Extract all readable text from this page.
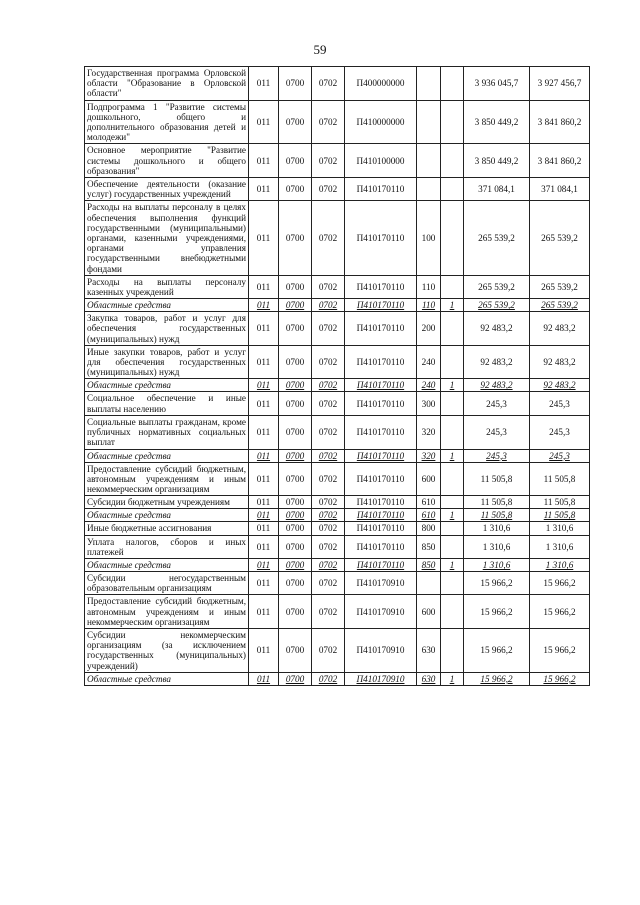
59
Государственная программа Орловской области "Образование в Орловской области"	011	0700	0702	П400000000			3 936 045,7	3 927 456,7
Подпрограмма 1 "Развитие системы дошкольного, общего и дополнительного образования детей и молодежи"	011	0700	0702	П410000000			3 850 449,2	3 841 860,2
Основное мероприятие "Развитие системы дошкольного и общего образования"	011	0700	0702	П410100000			3 850 449,2	3 841 860,2
Обеспечение деятельности (оказание услуг) государственных учреждений	011	0700	0702	П410170110			371 084,1	371 084,1
Расходы на выплаты персоналу в целях обеспечения выполнения функций государственными (муниципальными) органами, казенными учреждениями, органами управления государственными внебюджетными фондами	011	0700	0702	П410170110	100		265 539,2	265 539,2
Расходы на выплаты персоналу казенных учреждений	011	0700	0702	П410170110	110		265 539,2	265 539,2
Областные средства	011	0700	0702	П410170110	110	1	265 539,2	265 539,2
Закупка товаров, работ и услуг для обеспечения государственных (муниципальных) нужд	011	0700	0702	П410170110	200		92 483,2	92 483,2
Иные закупки товаров, работ и услуг для обеспечения государственных (муниципальных) нужд	011	0700	0702	П410170110	240		92 483,2	92 483,2
Областные средства	011	0700	0702	П410170110	240	1	92 483,2	92 483,2
Социальное обеспечение и иные выплаты населению	011	0700	0702	П410170110	300		245,3	245,3
Социальные выплаты гражданам, кроме публичных нормативных социальных выплат	011	0700	0702	П410170110	320		245,3	245,3
Областные средства	011	0700	0702	П410170110	320	1	245,3	245,3
Предоставление субсидий бюджетным, автономным учреждениям и иным некоммерческим организациям	011	0700	0702	П410170110	600		11 505,8	11 505,8
Субсидии бюджетным учреждениям	011	0700	0702	П410170110	610		11 505,8	11 505,8
Областные средства	011	0700	0702	П410170110	610	1	11 505,8	11 505,8
Иные бюджетные ассигнования	011	0700	0702	П410170110	800		1 310,6	1 310,6
Уплата налогов, сборов и иных платежей	011	0700	0702	П410170110	850		1 310,6	1 310,6
Областные средства	011	0700	0702	П410170110	850	1	1 310,6	1 310,6
Субсидии негосударственным образовательным организациям	011	0700	0702	П410170910			15 966,2	15 966,2
Предоставление субсидий бюджетным, автономным учреждениям и иным некоммерческим организациям	011	0700	0702	П410170910	600		15 966,2	15 966,2
Субсидии некоммерческим организациям (за исключением государственных (муниципальных) учреждений)	011	0700	0702	П410170910	630		15 966,2	15 966,2
Областные средства	011	0700	0702	П410170910	630	1	15 966,2	15 966,2
